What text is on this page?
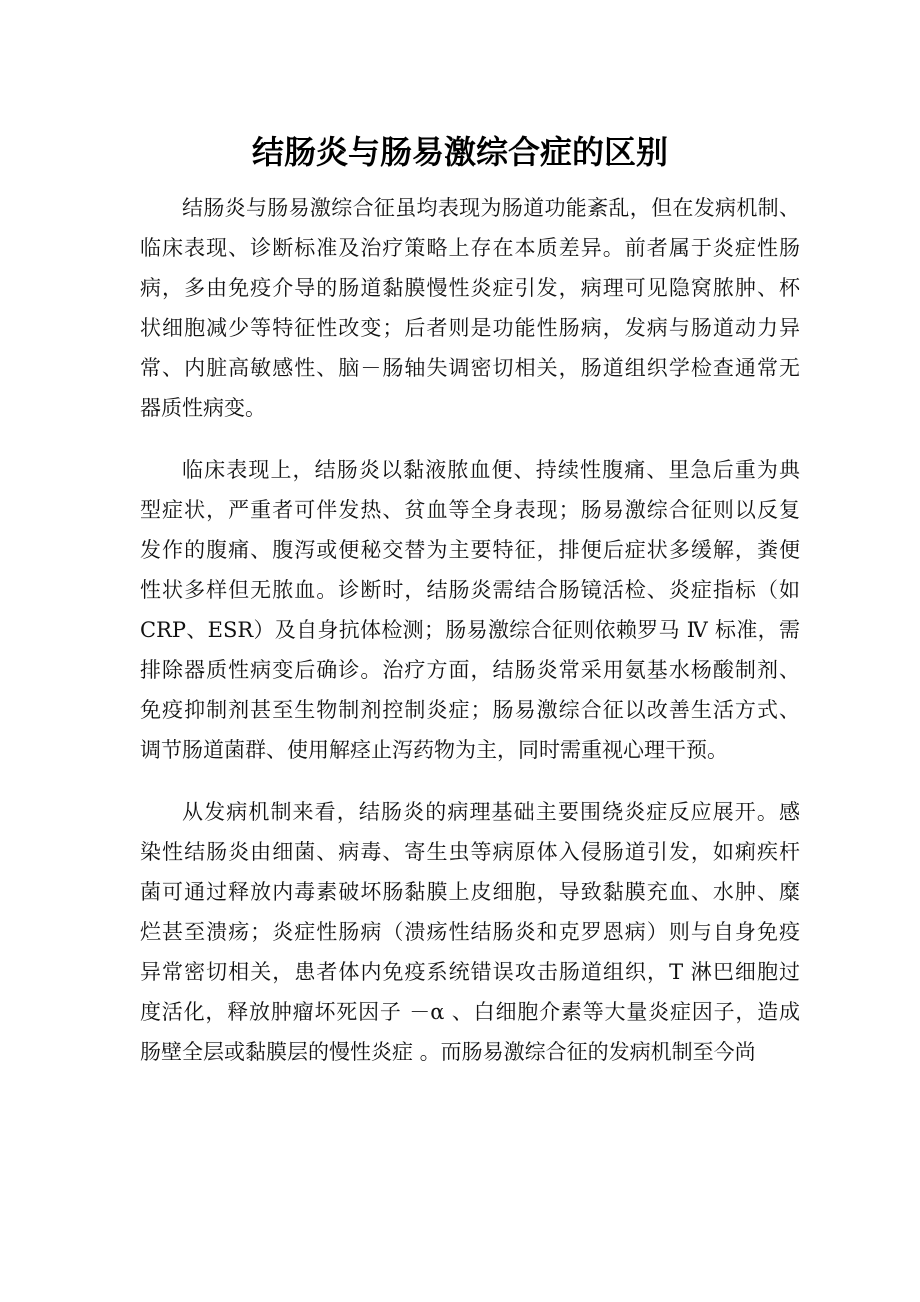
结肠炎与肠易激综合症的区别

结肠炎与肠易激综合征虽均表现为肠道功能紊乱，但在发病机制、
临床表现、诊断标准及治疗策略上存在本质差异。前者属于炎症性肠
病，多由免疫介导的肠道黏膜慢性炎症引发，病理可见隐窝脓肿、杯
状细胞减少等特征性改变；后者则是功能性肠病，发病与肠道动力异
常、内脏高敏感性、脑－肠轴失调密切相关，肠道组织学检查通常无
器质性病变。

临床表现上，结肠炎以黏液脓血便、持续性腹痛、里急后重为典
型症状，严重者可伴发热、贫血等全身表现；肠易激综合征则以反复
发作的腹痛、腹泻或便秘交替为主要特征，排便后症状多缓解，粪便
性状多样但无脓血。诊断时，结肠炎需结合肠镜活检、炎症指标（如
CRP、ESR）及自身抗体检测；肠易激综合征则依赖罗马 Ⅳ 标准，需
排除器质性病变后确诊。治疗方面，结肠炎常采用氨基水杨酸制剂、
免疫抑制剂甚至生物制剂控制炎症；肠易激综合征以改善生活方式、
调节肠道菌群、使用解痉止泻药物为主，同时需重视心理干预。

从发病机制来看，结肠炎的病理基础主要围绕炎症反应展开。感
染性结肠炎由细菌、病毒、寄生虫等病原体入侵肠道引发，如痢疾杆
菌可通过释放内毒素破坏肠黏膜上皮细胞，导致黏膜充血、水肿、糜
烂甚至溃疡；炎症性肠病（溃疡性结肠炎和克罗恩病）则与自身免疫
异常密切相关，患者体内免疫系统错误攻击肠道组织，T 淋巴细胞过
度活化，释放肿瘤坏死因子 －α 、白细胞介素等大量炎症因子，造成
肠壁全层或黏膜层的慢性炎症 。而肠易激综合征的发病机制至今尚
